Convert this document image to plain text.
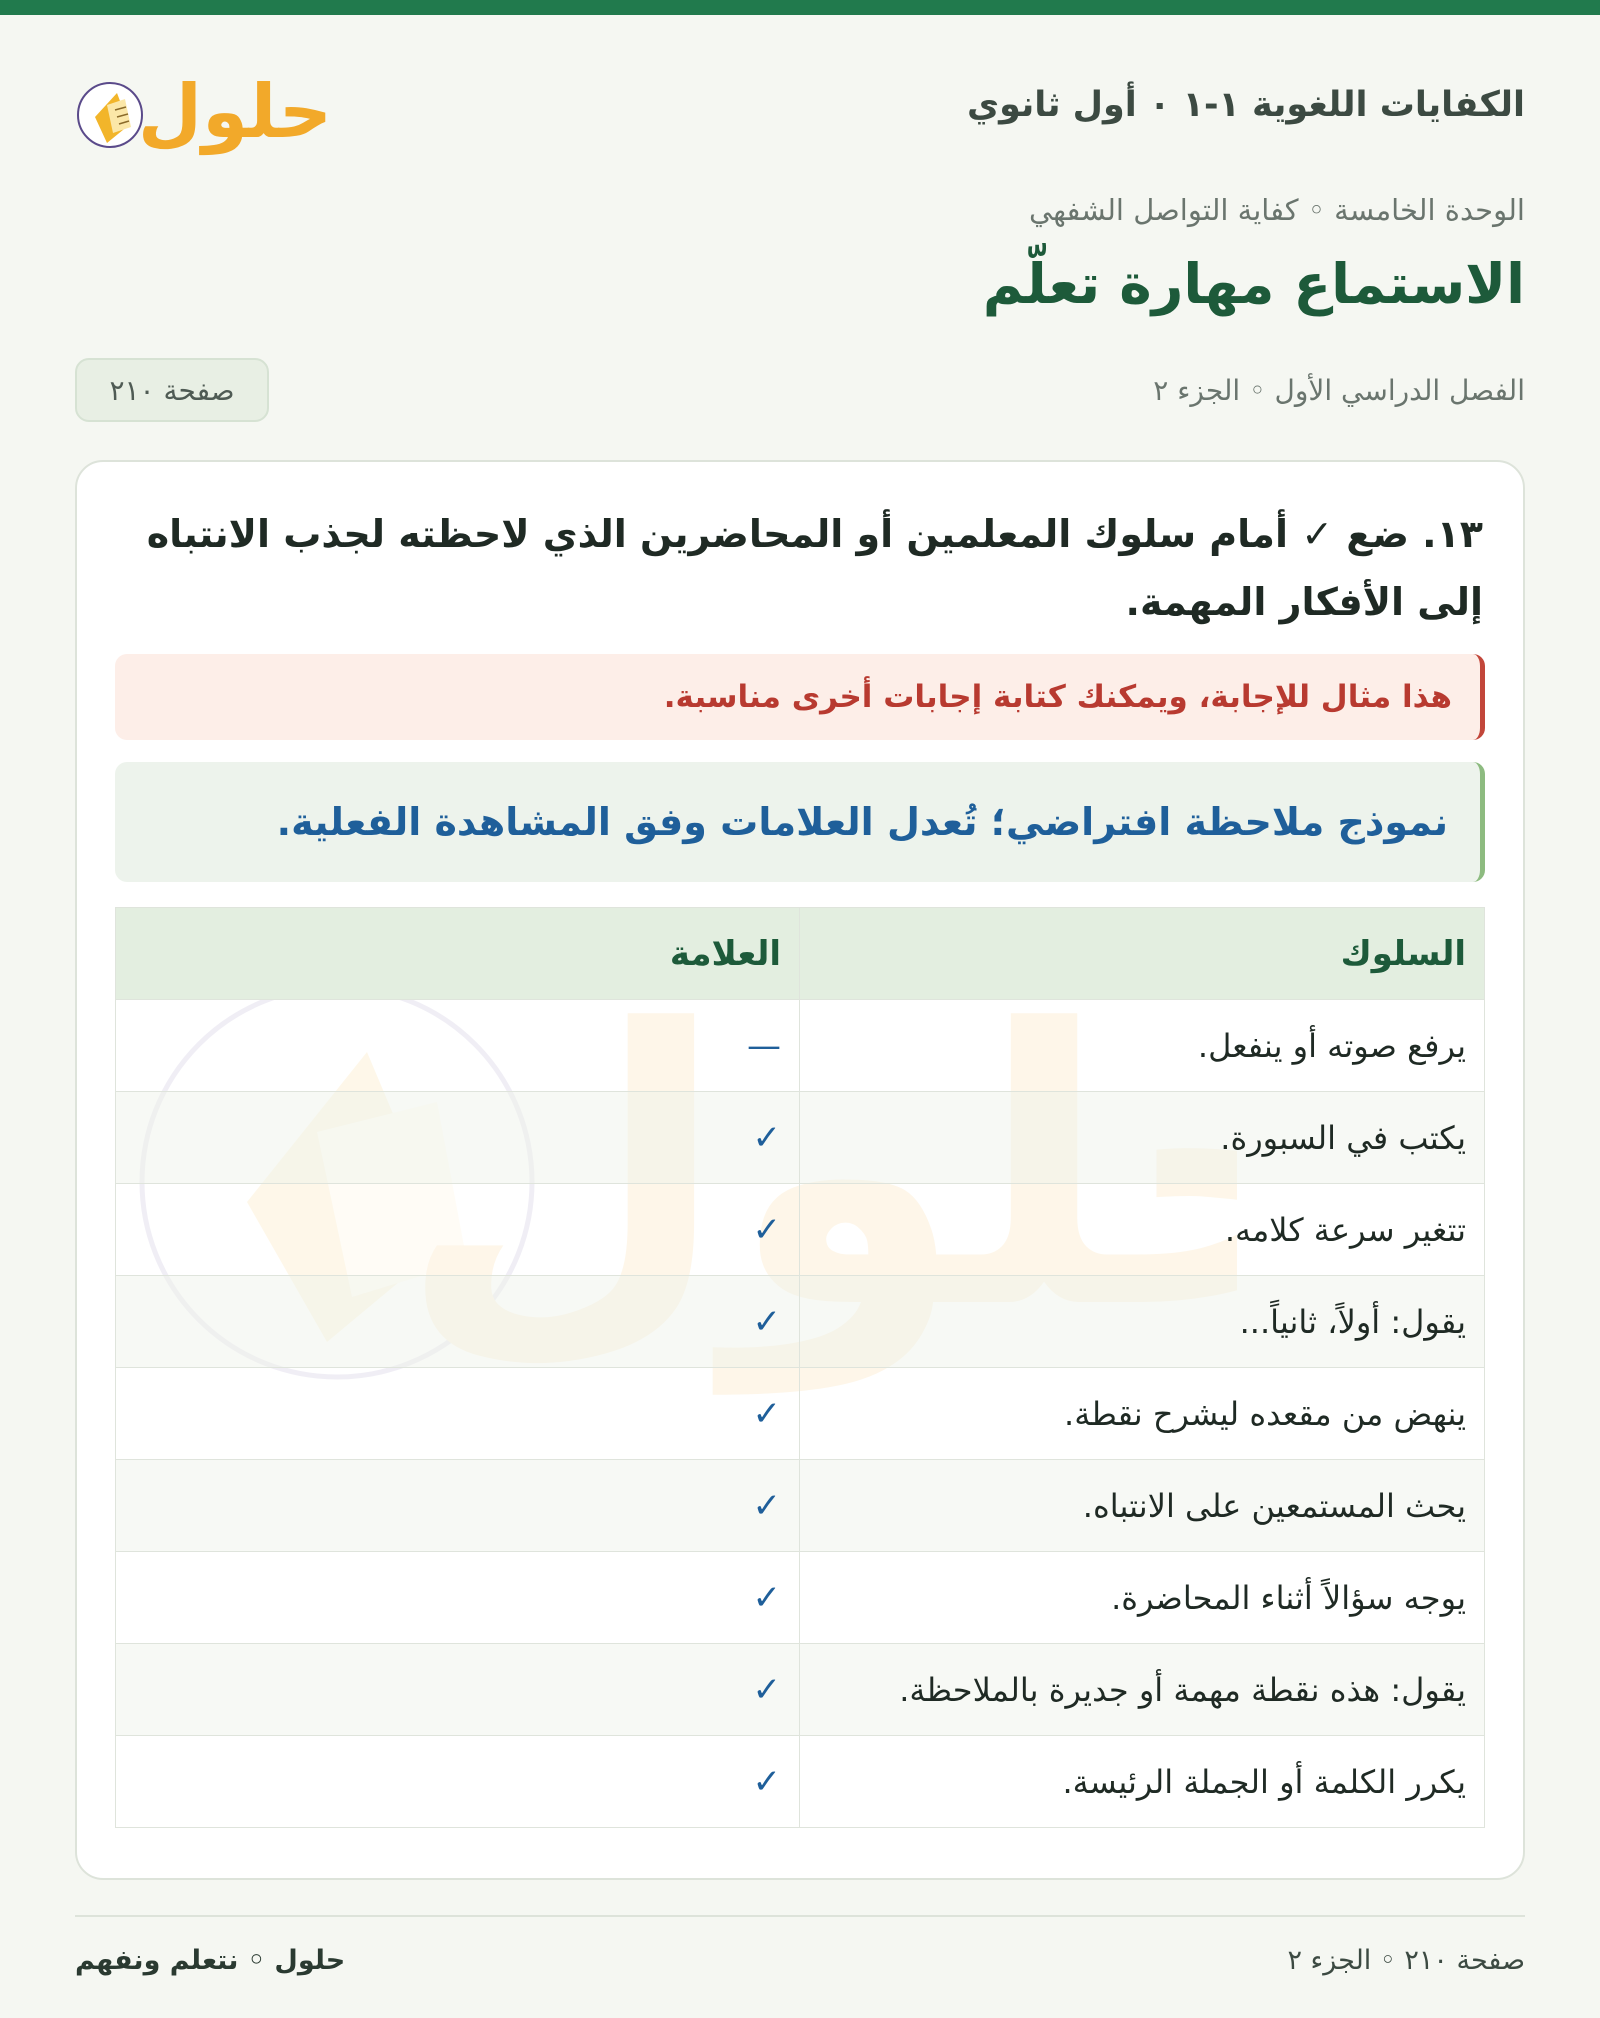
الكفايات اللغوية ١-١ ٠ أول ثانوي
حلول
الوحدة الخامسة ◦ كفاية التواصل الشفهي
الاستماع مهارة تعلّم
الفصل الدراسي الأول ◦ الجزء ٢
صفحة ٢١٠
١٣. ضع ✓ أمام سلوك المعلمين أو المحاضرين الذي لاحظته لجذب الانتباه إلى الأفكار المهمة.
هذا مثال للإجابة، ويمكنك كتابة إجابات أخرى مناسبة.
نموذج ملاحظة افتراضي؛ تُعدل العلامات وفق المشاهدة الفعلية.
السلوك	العلامة
يرفع صوته أو ينفعل.	—
يكتب في السبورة.	✓
تتغير سرعة كلامه.	✓
يقول: أولاً، ثانياً...	✓
ينهض من مقعده ليشرح نقطة.	✓
يحث المستمعين على الانتباه.	✓
يوجه سؤالاً أثناء المحاضرة.	✓
يقول: هذه نقطة مهمة أو جديرة بالملاحظة.	✓
يكرر الكلمة أو الجملة الرئيسة.	✓
صفحة ٢١٠ ◦ الجزء ٢
حلول ◦ نتعلم ونفهم
